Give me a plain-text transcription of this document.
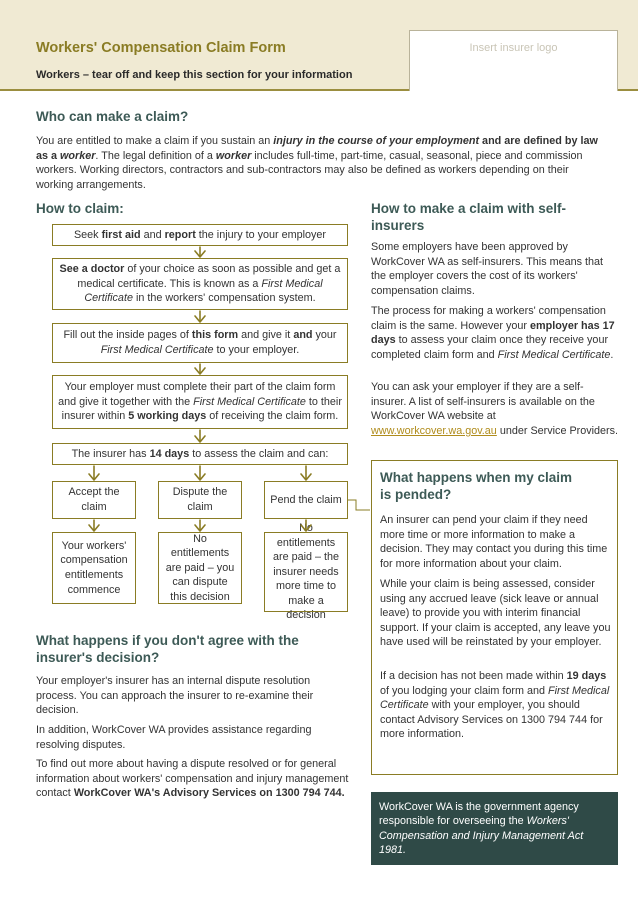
Workers' Compensation Claim Form
Workers – tear off and keep this section for your information
Insert insurer logo
Who can make a claim?

You are entitled to make a claim if you sustain an injury in the course of your employment and are defined by law as a worker. The legal definition of a worker includes full-time, part-time, casual, seasonal, piece and commission workers. Working directors, contractors and sub-contractors may also be defined as workers depending on their working arrangements.

How to claim:
Seek first aid and report the injury to your employer
See a doctor of your choice as soon as possible and get a medical certificate. This is known as a First Medical Certificate in the workers' compensation system.
Fill out the inside pages of this form and give it and your First Medical Certificate to your employer.
Your employer must complete their part of the claim form and give it together with the First Medical Certificate to their insurer within 5 working days of receiving the claim form.
The insurer has 14 days to assess the claim and can:
Accept the claim
Dispute the claim
Pend the claim
Your workers' compensation entitlements commence
No entitlements are paid – you can dispute this decision
No entitlements are paid – the insurer needs more time to make a decision
What happens if you don't agree with the insurer's decision?

Your employer's insurer has an internal dispute resolution process. You can approach the insurer to re-examine their decision.

In addition, WorkCover WA provides assistance regarding resolving disputes.

To find out more about having a dispute resolved or for general information about workers' compensation and injury management contact WorkCover WA's Advisory Services on 1300 794 744.

How to make a claim with self-insurers

Some employers have been approved by WorkCover WA as self-insurers. This means that the employer covers the cost of its workers' compensation claims.

The process for making a workers' compensation claim is the same. However your employer has 17 days to assess your claim once they receive your completed claim form and First Medical Certificate.

You can ask your employer if they are a self-insurer. A list of self-insurers is available on the WorkCover WA website at www.workcover.wa.gov.au under Service Providers.

What happens when my claim is pended?

An insurer can pend your claim if they need more time or more information to make a decision. They may contact you during this time for more information about your claim.

While your claim is being assessed, consider using any accrued leave (sick leave or annual leave) to provide you with interim financial support. If your claim is accepted, any leave you have used will be reinstated by your employer.

If a decision has not been made within 19 days of you lodging your claim form and First Medical Certificate with your employer, you should contact Advisory Services on 1300 794 744 for more information.

WorkCover WA is the government agency responsible for overseeing the Workers' Compensation and Injury Management Act 1981.
